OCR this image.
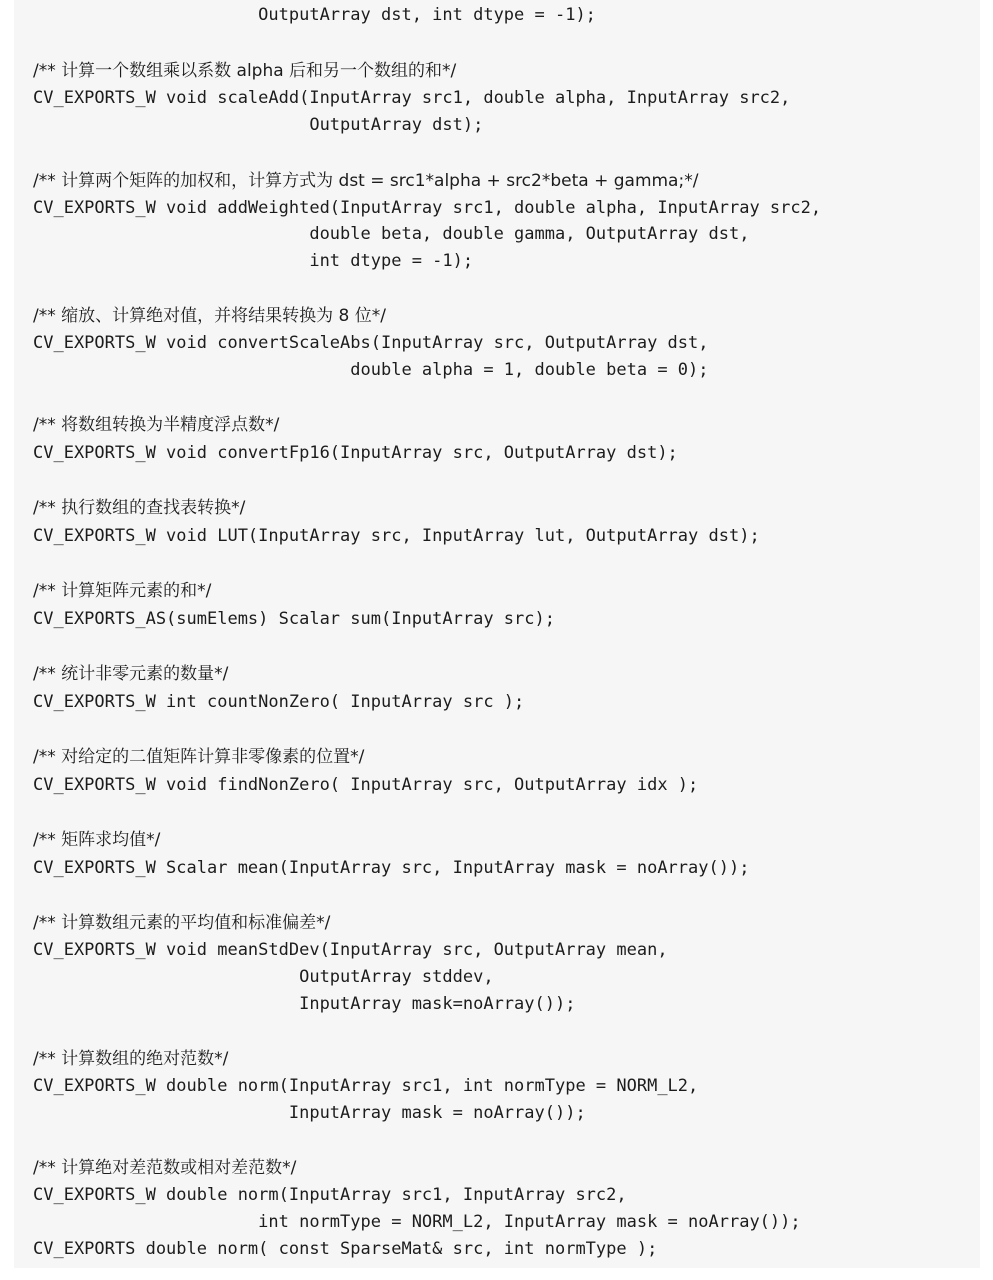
OutputArray dst, int dtype = -1);
/** 计算一个数组乘以系数 alpha 后和另一个数组的和*/
CV_EXPORTS_W void scaleAdd(InputArray src1, double alpha, InputArray src2,
OutputArray dst);
/** 计算两个矩阵的加权和，计算方式为 dst = src1*alpha + src2*beta + gamma;*/
CV_EXPORTS_W void addWeighted(InputArray src1, double alpha, InputArray src2,
double beta, double gamma, OutputArray dst,
int dtype = -1);
/** 缩放、计算绝对值，并将结果转换为 8 位*/
CV_EXPORTS_W void convertScaleAbs(InputArray src, OutputArray dst,
double alpha = 1, double beta = 0);
/** 将数组转换为半精度浮点数*/
CV_EXPORTS_W void convertFp16(InputArray src, OutputArray dst);
/** 执行数组的查找表转换*/
CV_EXPORTS_W void LUT(InputArray src, InputArray lut, OutputArray dst);
/** 计算矩阵元素的和*/
CV_EXPORTS_AS(sumElems) Scalar sum(InputArray src);
/** 统计非零元素的数量*/
CV_EXPORTS_W int countNonZero( InputArray src );
/** 对给定的二值矩阵计算非零像素的位置*/
CV_EXPORTS_W void findNonZero( InputArray src, OutputArray idx );
/** 矩阵求均值*/
CV_EXPORTS_W Scalar mean(InputArray src, InputArray mask = noArray());
/** 计算数组元素的平均值和标准偏差*/
CV_EXPORTS_W void meanStdDev(InputArray src, OutputArray mean,
OutputArray stddev,
InputArray mask=noArray());
/** 计算数组的绝对范数*/
CV_EXPORTS_W double norm(InputArray src1, int normType = NORM_L2,
InputArray mask = noArray());
/** 计算绝对差范数或相对差范数*/
CV_EXPORTS_W double norm(InputArray src1, InputArray src2,
int normType = NORM_L2, InputArray mask = noArray());
CV_EXPORTS double norm( const SparseMat& src, int normType );
